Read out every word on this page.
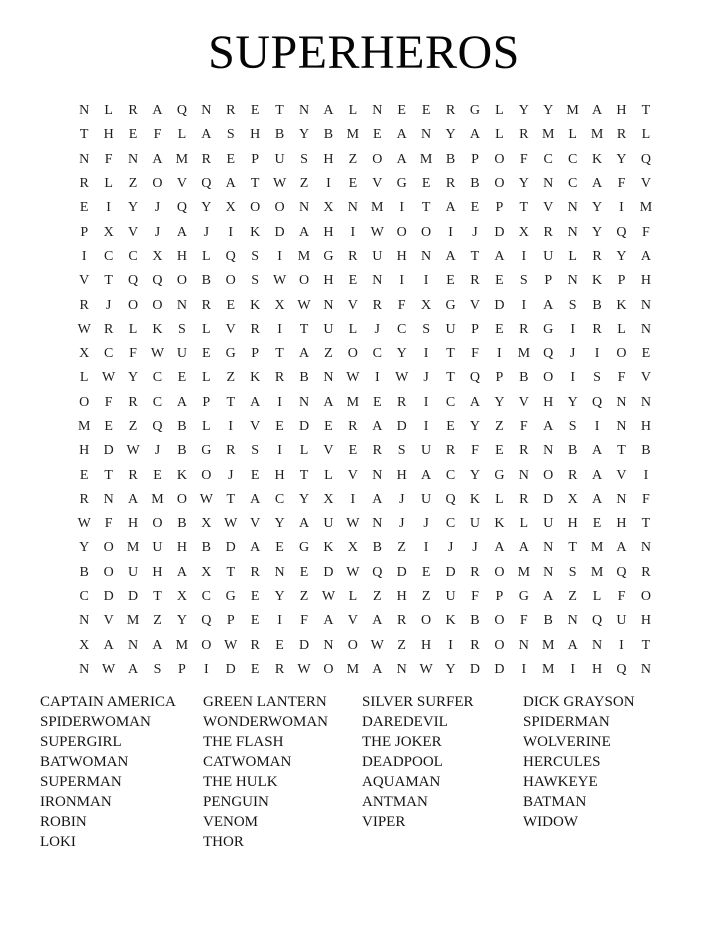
SUPERHEROS
N	L	R	A	Q	N	R	E	T	N	A	L	N	E	E	R	G	L	Y	Y M A	H	T
T	H	E	F	L	A	S	H	B	Y	B M E	A	N	Y	A	L	R M L M R	L
N	F	N	A M R	E	P	U	S	H	Z	O	A M B	P	O	F	C	C	K	Y	Q
R	L	Z	O	V	Q	A	T W Z	I	E	V	G	E	R	B	O	Y	N	C	A	F	V
E	I	Y	J	Q	Y	X	O	O	N	X	N M	I	T	A	E	P	T	V	N	Y	I	M
P	X	V	J	A	J	I	K	D	A	H	I	W O	O	I	J	D	X	R	N	Y	Q	F
I	C	C	X	H	L	Q	S	I	M G	R	U	H	N	A	T	A	I	U	L	R	Y	A
V	T	Q	Q	O	B	O	S W O	H	E	N	I	I	E	R	E	S	P	N	K	P	H
R	J	O	O	N	R	E	K	X W N	V	R	F	X	G	V	D	I	A	S	B	K	N
W R	L	K	S	L	V	R	I	T	U	L	J	C	S	U	P	E	R	G	I	R	L	N
X	C	F W U	E	G	P	T	A	Z	O	C	Y	I	T	F	I	M Q	J	I	O	E
L W Y	C	E	L	Z	K	R	B	N W	I	W	J	T	Q	P	B	O	I	S	F	V
O	F	R	C	A	P	T	A	I	N	A M E	R	I	C	A	Y	V	H	Y	Q	N	N
M E	Z	Q	B	L	I	V	E	D	E	R	A	D	I	E	Y	Z	F	A	S	I	N	H
H	D W	J	B	G	R	S	I	L	V	E	R	S	U	R	F	E	R	N	B	A	T	B
E	T	R	E	K	O	J	E	H	T	L	V	N	H	A	C	Y	G	N	O	R	A	V	I
R	N	A M O W T	A	C	Y	X	I	A	J	U	Q	K	L	R	D	X	A	N	F
W F	H	O	B	X W V	Y	A	U W N	J	J	C	U	K	L	U	H	E	H	T
Y	O M U	H	B	D	A	E	G	K	X	B	Z	I	J	J	A	A	N	T M A	N
B	O	U	H	A	X	T	R	N	E	D W Q	D	E	D	R	O M N	S	M Q	R
C	D	D	T	X	C	G	E	Y	Z W L	Z	H	Z	U	F	P	G	A	Z	L	F	O
N	V M Z	Y	Q	P	E	I	F	A	V	A	R	O	K	B	O	F	B	N	Q	U	H
X	A	N	A M O W R	E	D	N	O W Z	H	I	R	O	N M A	N	I	T
N W A	S	P	I	D	E	R W O M A	N W Y	D	D	I	M	I	H	Q	N
CAPTAIN AMERICA
SPIDERWOMAN
SUPERGIRL
BATWOMAN
SUPERMAN
IRONMAN
ROBIN
LOKI
GREEN LANTERN
WONDERWOMAN
THE FLASH
CATWOMAN
THE HULK
PENGUIN
VENOM
THOR
SILVER SURFER
DAREDEVIL
THE JOKER
DEADPOOL
AQUAMAN
ANTMAN
VIPER
DICK GRAYSON
SPIDERMAN
WOLVERINE
HERCULES
HAWKEYE
BATMAN
WIDOW
